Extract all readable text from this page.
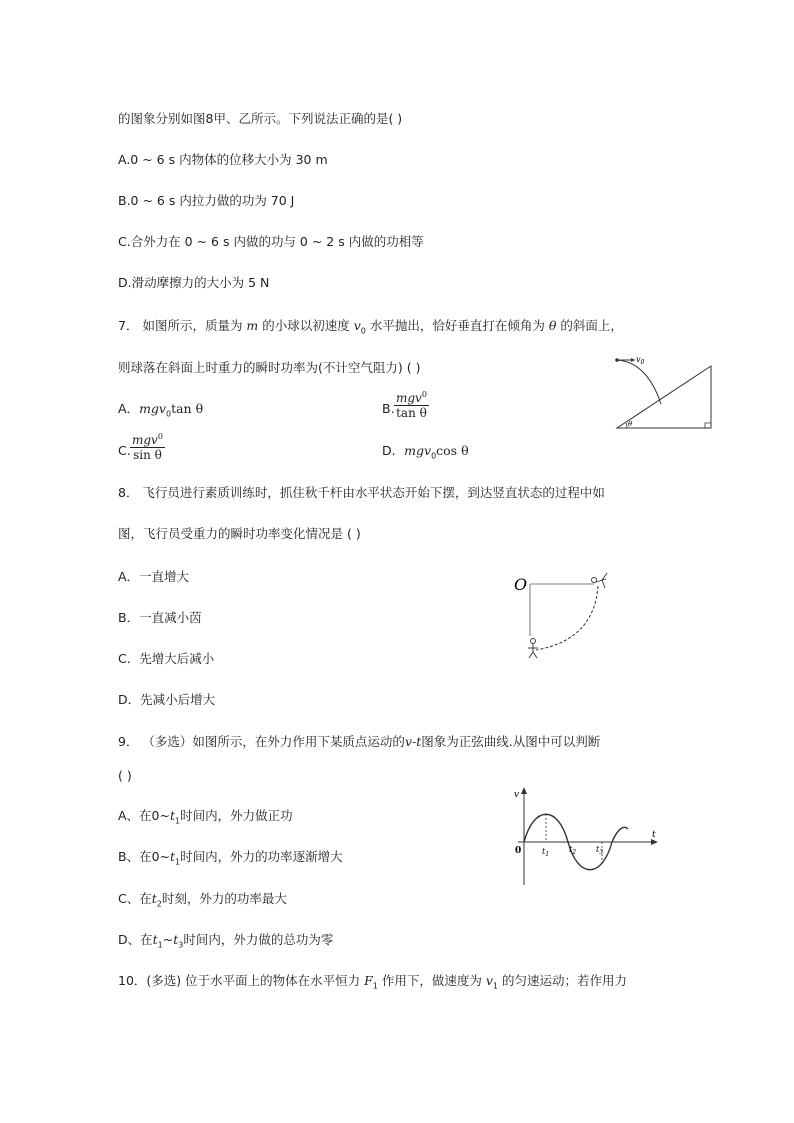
的图象分别如图8甲、乙所示。下列说法正确的是( )
A.0 ~ 6 s 内物体的位移大小为 30 m
B.0 ~ 6 s 内拉力做的功为 70 J
C.合外力在 0 ~ 6 s 内做的功与 0 ~ 2 s 内做的功相等
D.滑动摩擦力的大小为 5 N
7． 如图所示，质量为 m 的小球以初速度 $v_0$ 水平抛出，恰好垂直打在倾角为 θ 的斜面上，
则球落在斜面上时重力的瞬时功率为(不计空气阻力) ( )
A．mgv$_0$tan θ	B.
mgv$^0$
tan θ
C.
mgv$^0$
sin θ	D．mgv$_0$cos θ
$v_0$
θ
8． 飞行员进行素质训练时，抓住秋千杆由水平状态开始下摆，到达竖直状态的过程中如
图，飞行员受重力的瞬时功率变化情况是 ( )
A．一直增大
B．一直减小苬
C．先增大后减小
D．先减小后增大
O
9． （多选）如图所示，在外力作用下某质点运动的v-t图象为正弦曲线.从图中可以判断
( )
A、在$0\sim t_1$时间内，外力做正功
B、在$0\sim t_1$时间内，外力的功率逐渐增大
C、在$t_2$时刻，外力的功率最大
D、在$t_1\sim t_3$时间内，外力做的总功为零
v
t
0	$t_1$
$t_2$ $t_3$
10．(多选) 位于水平面上的物体在水平恒力 $F_1$ 作用下，做速度为 $v_1$ 的匀速运动；若作用力
